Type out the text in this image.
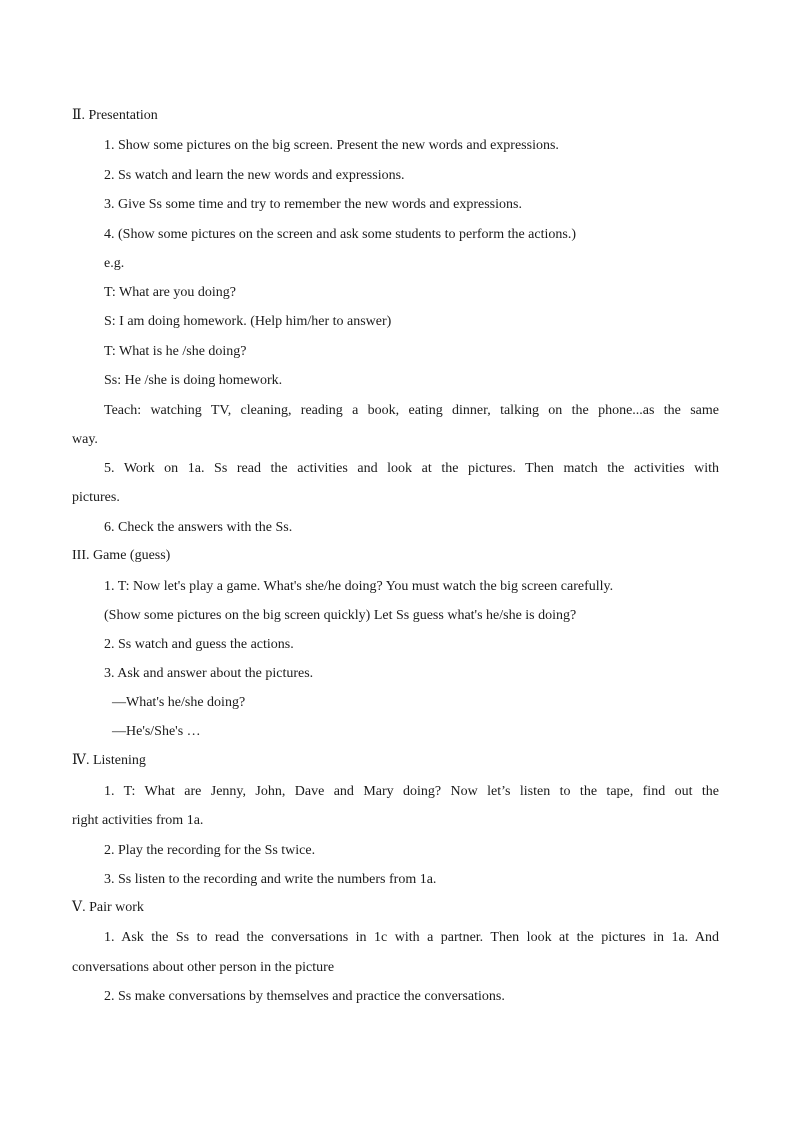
Ⅱ. Presentation
1. Show some pictures on the big screen. Present the new words and expressions.
2. Ss watch and learn the new words and expressions.
3. Give Ss some time and try to remember the new words and expressions.
4. (Show some pictures on the screen and ask some students to perform the actions.)
e.g.
T: What are you doing?
S: I am doing homework. (Help him/her to answer)
T: What is he /she doing?
Ss: He /she is doing homework.
Teach: watching TV, cleaning, reading a book, eating dinner, talking on the phone...as the same
way.
5. Work on 1a. Ss read the activities and look at the pictures. Then match the activities with
pictures.
6. Check the answers with the Ss.
III. Game (guess)
1. T: Now let's play a game. What's she/he doing? You must watch the big screen carefully.
(Show some pictures on the big screen quickly) Let Ss guess what's he/she is doing?
2. Ss watch and guess the actions.
3. Ask and answer about the pictures.
—What's he/she doing?
—He's/She's …
Ⅳ. Listening
1. T: What are Jenny, John, Dave and Mary doing? Now let’s listen to the tape, find out the
right activities from 1a.
2. Play the recording for the Ss twice.
3. Ss listen to the recording and write the numbers from 1a.
Ⅴ. Pair work
1. Ask the Ss to read the conversations in 1c with a partner. Then look at the pictures in 1a. And
conversations about other person in the picture
2. Ss make conversations by themselves and practice the conversations.
